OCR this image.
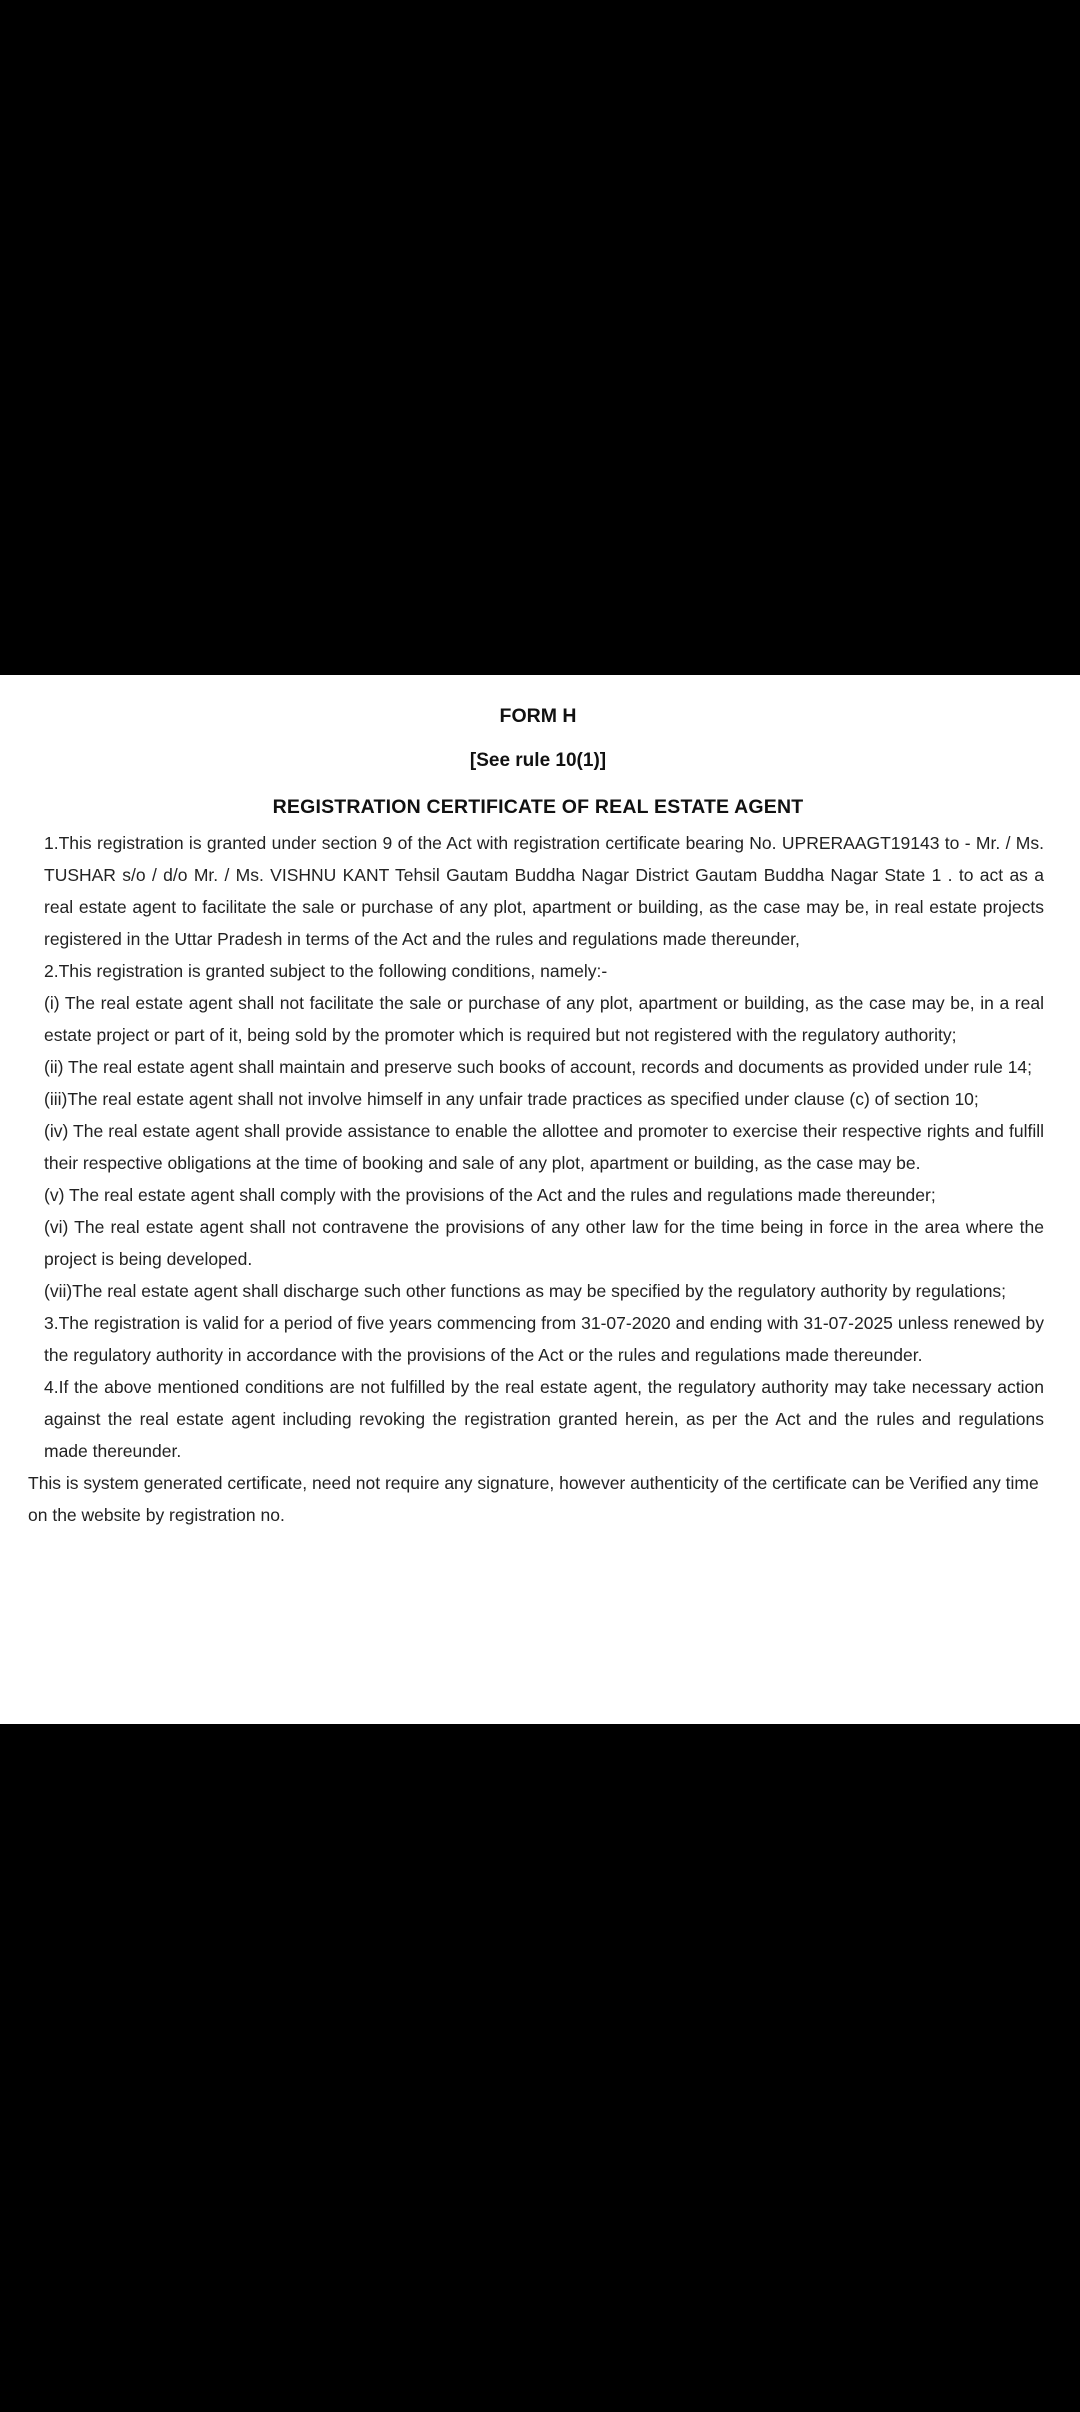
FORM H

[See rule 10(1)]

REGISTRATION CERTIFICATE OF REAL ESTATE AGENT

1.This registration is granted under section 9 of the Act with registration certificate bearing No. UPRERAAGT19143 to - Mr. / Ms. TUSHAR s/o / d/o Mr. / Ms. VISHNU KANT Tehsil Gautam Buddha Nagar District Gautam Buddha Nagar State 1 . to act as a real estate agent to facilitate the sale or purchase of any plot, apartment or building, as the case may be, in real estate projects registered in the Uttar Pradesh in terms of the Act and the rules and regulations made thereunder,

2.This registration is granted subject to the following conditions, namely:-

(i) The real estate agent shall not facilitate the sale or purchase of any plot, apartment or building, as the case may be, in a real estate project or part of it, being sold by the promoter which is required but not registered with the regulatory authority;

(ii) The real estate agent shall maintain and preserve such books of account, records and documents as provided under rule 14;

(iii)The real estate agent shall not involve himself in any unfair trade practices as specified under clause (c) of section 10;

(iv) The real estate agent shall provide assistance to enable the allottee and promoter to exercise their respective rights and fulfill their respective obligations at the time of booking and sale of any plot, apartment or building, as the case may be.

(v) The real estate agent shall comply with the provisions of the Act and the rules and regulations made thereunder;

(vi) The real estate agent shall not contravene the provisions of any other law for the time being in force in the area where the project is being developed.

(vii)The real estate agent shall discharge such other functions as may be specified by the regulatory authority by regulations;

3.The registration is valid for a period of five years commencing from 31-07-2020 and ending with 31-07-2025 unless renewed by the regulatory authority in accordance with the provisions of the Act or the rules and regulations made thereunder.

4.If the above mentioned conditions are not fulfilled by the real estate agent, the regulatory authority may take necessary action against the real estate agent including revoking the registration granted herein, as per the Act and the rules and regulations made thereunder.

This is system generated certificate, need not require any signature, however authenticity of the certificate can be Verified any time on the website by registration no.
